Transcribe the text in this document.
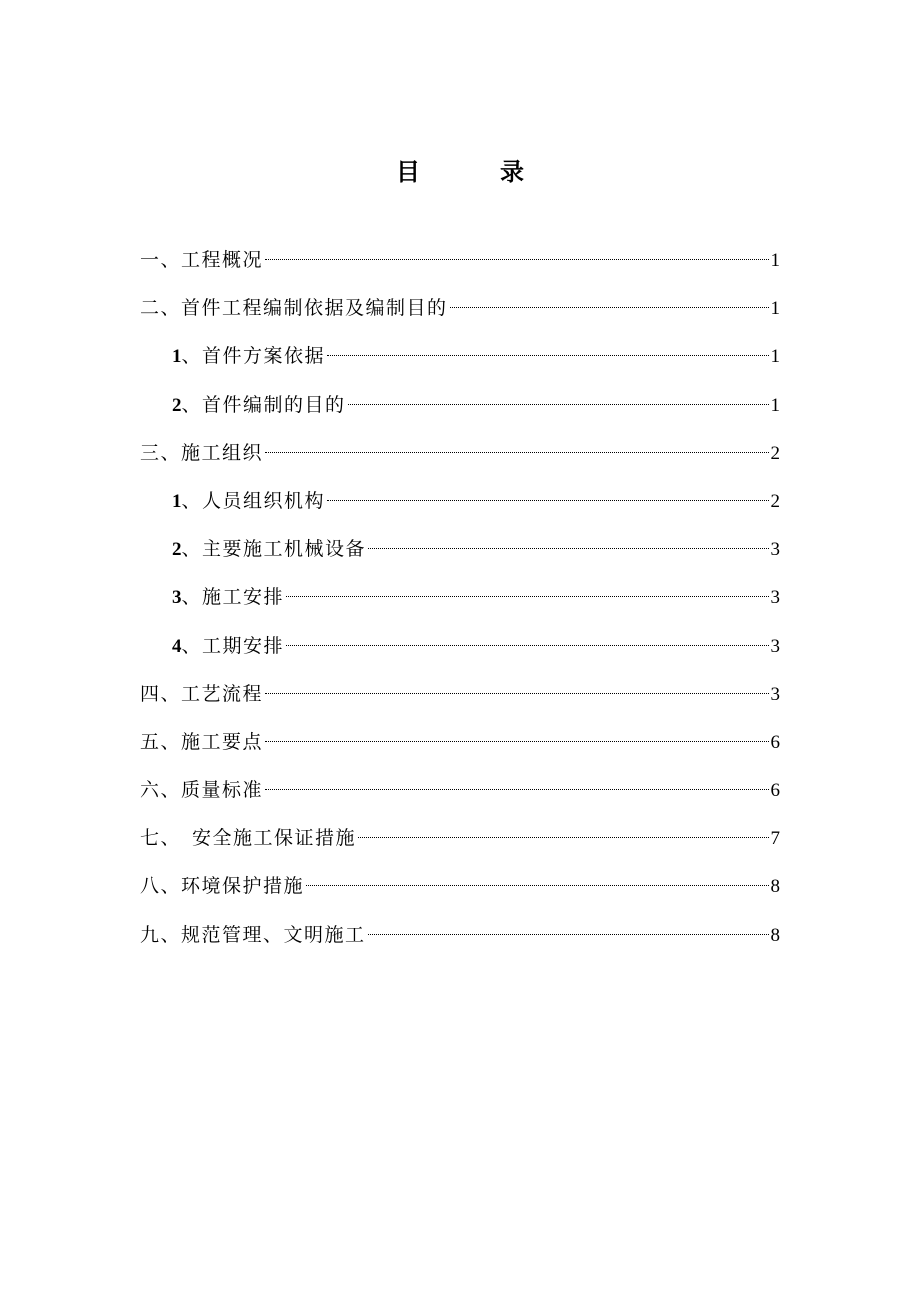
目　录
一、工程概况	1
二、首件工程编制依据及编制目的	1
1 、首件方案依据	1
2 、首件编制的目的	1
三、施工组织	2
1 、人员组织机构	2
2 、主要施工机械设备	3
3 、施工安排	3
4 、工期安排	3
四、工艺流程	3
五、施工要点	6
六、质量标准	6
七、　安全施工保证措施	7
八、环境保护措施	8
九、规范管理、文明施工	8
